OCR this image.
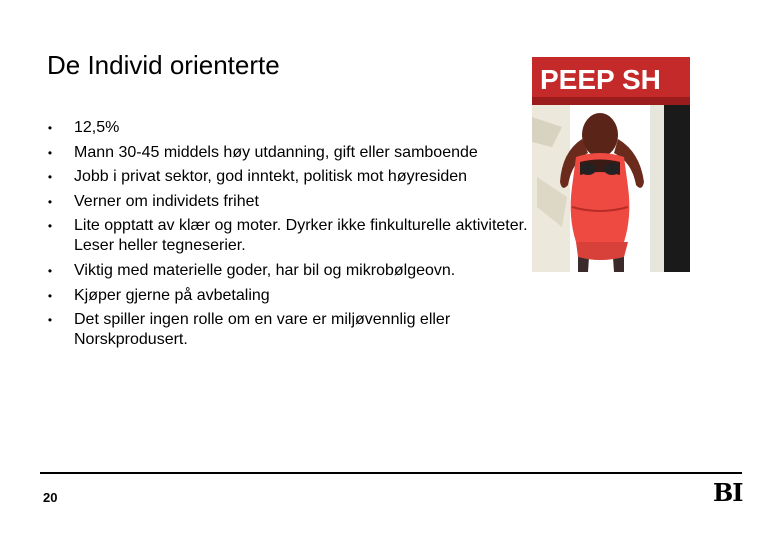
De Individ orienterte
• 12,5%
• Mann 30-45 middels høy utdanning, gift eller samboende
• Jobb i privat sektor, god inntekt, politisk mot høyresiden
• Verner om individets frihet
• Lite opptatt av klær og moter. Dyrker ikke finkulturelle aktiviteter.
Leser heller tegneserier.
• Viktig med materielle goder, har bil og mikrobølgeovn.
• Kjøper gjerne på avbetaling
• Det spiller ingen rolle om en vare er miljøvennlig eller
Norskprodusert.
PEEP SH
20	BI
